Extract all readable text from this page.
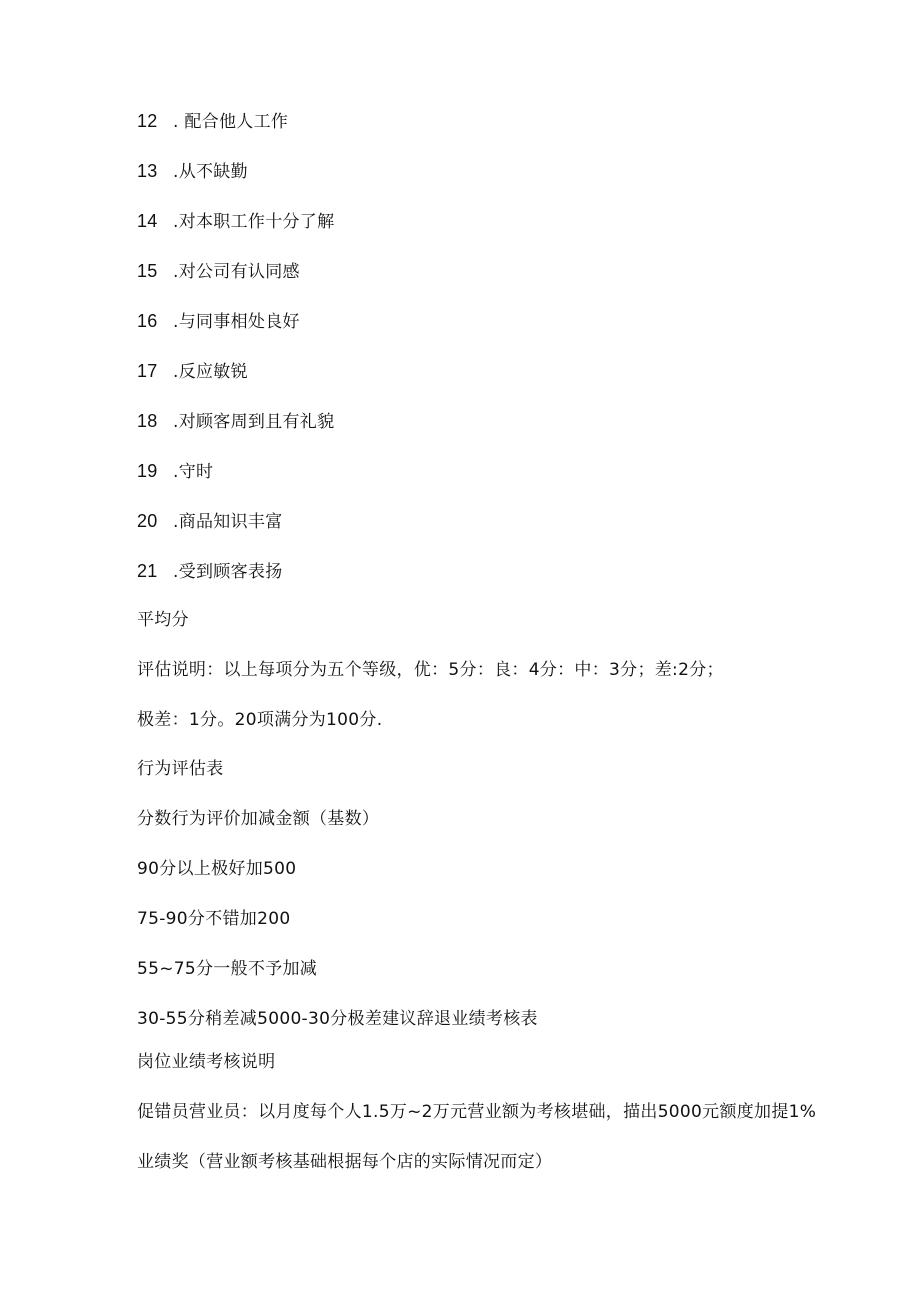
12 . 配合他人工作
13 .从不缺勤
14 .对本职工作十分了解
15 .对公司有认同感
16 .与同事相处良好
17 .反应敏锐
18 .对顾客周到且有礼貌
19 .守时
20 .商品知识丰富
21 .受到顾客表扬
平均分
评估说明：以上每项分为五个等级，优：5分：良：4分：中：3分；差:2分；
极差：1分。20项满分为100分.
行为评估表
分数行为评价加减金额（基数）
90分以上极好加500
75-90分不错加200
55~75分一般不予加减
30-55分稍差减5000-30分极差建议辞退业绩考核表
岗位业绩考核说明
促错员营业员：以月度每个人1.5万~2万元营业额为考核堪础，描出5000元额度加提1%
业绩奖（营业额考核基础根据每个店的实际情况而定）
